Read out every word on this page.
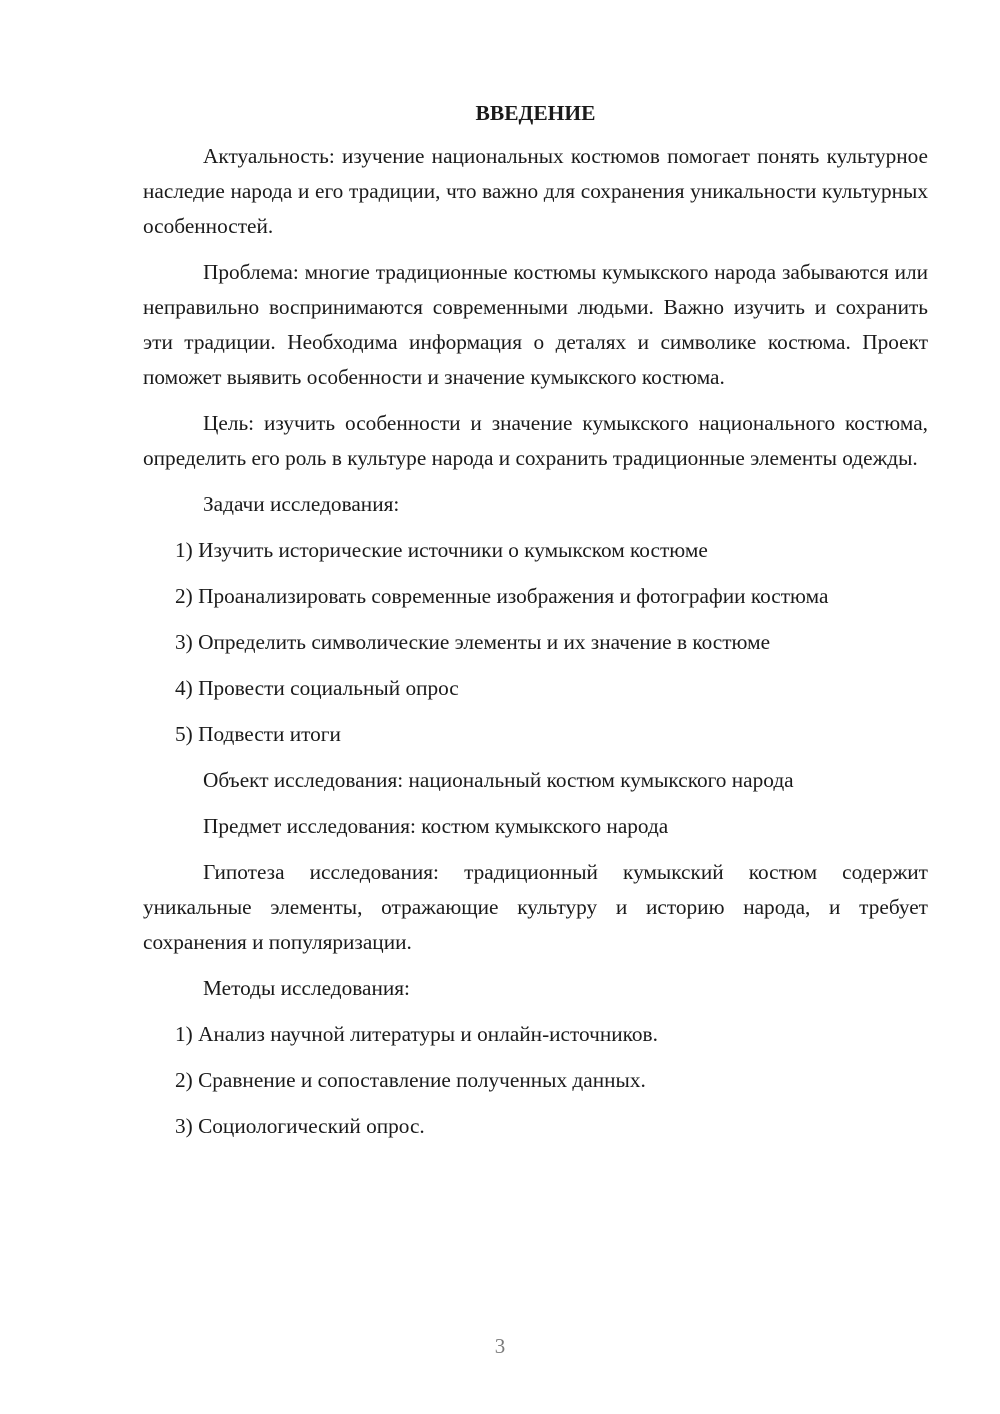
ВВЕДЕНИЕ

Актуальность: изучение национальных костюмов помогает понять культурное наследие народа и его традиции, что важно для сохранения уникальности культурных особенностей.

Проблема: многие традиционные костюмы кумыкского народа забываются или неправильно воспринимаются современными людьми. Важно изучить и сохранить эти традиции. Необходима информация о деталях и символике костюма. Проект поможет выявить особенности и значение кумыкского костюма.

Цель: изучить особенности и значение кумыкского национального костюма, определить его роль в культуре народа и сохранить традиционные элементы одежды.

Задачи исследования:

1) Изучить исторические источники о кумыкском костюме

2) Проанализировать современные изображения и фотографии костюма

3) Определить символические элементы и их значение в костюме

4) Провести социальный опрос

5) Подвести итоги

Объект исследования: национальный костюм кумыкского народа

Предмет исследования: костюм кумыкского народа

Гипотеза исследования: традиционный кумыкский костюм содержит уникальные элементы, отражающие культуру и историю народа, и требует сохранения и популяризации.

Методы исследования:

1) Анализ научной литературы и онлайн-источников.

2) Сравнение и сопоставление полученных данных.

3) Социологический опрос.

3
